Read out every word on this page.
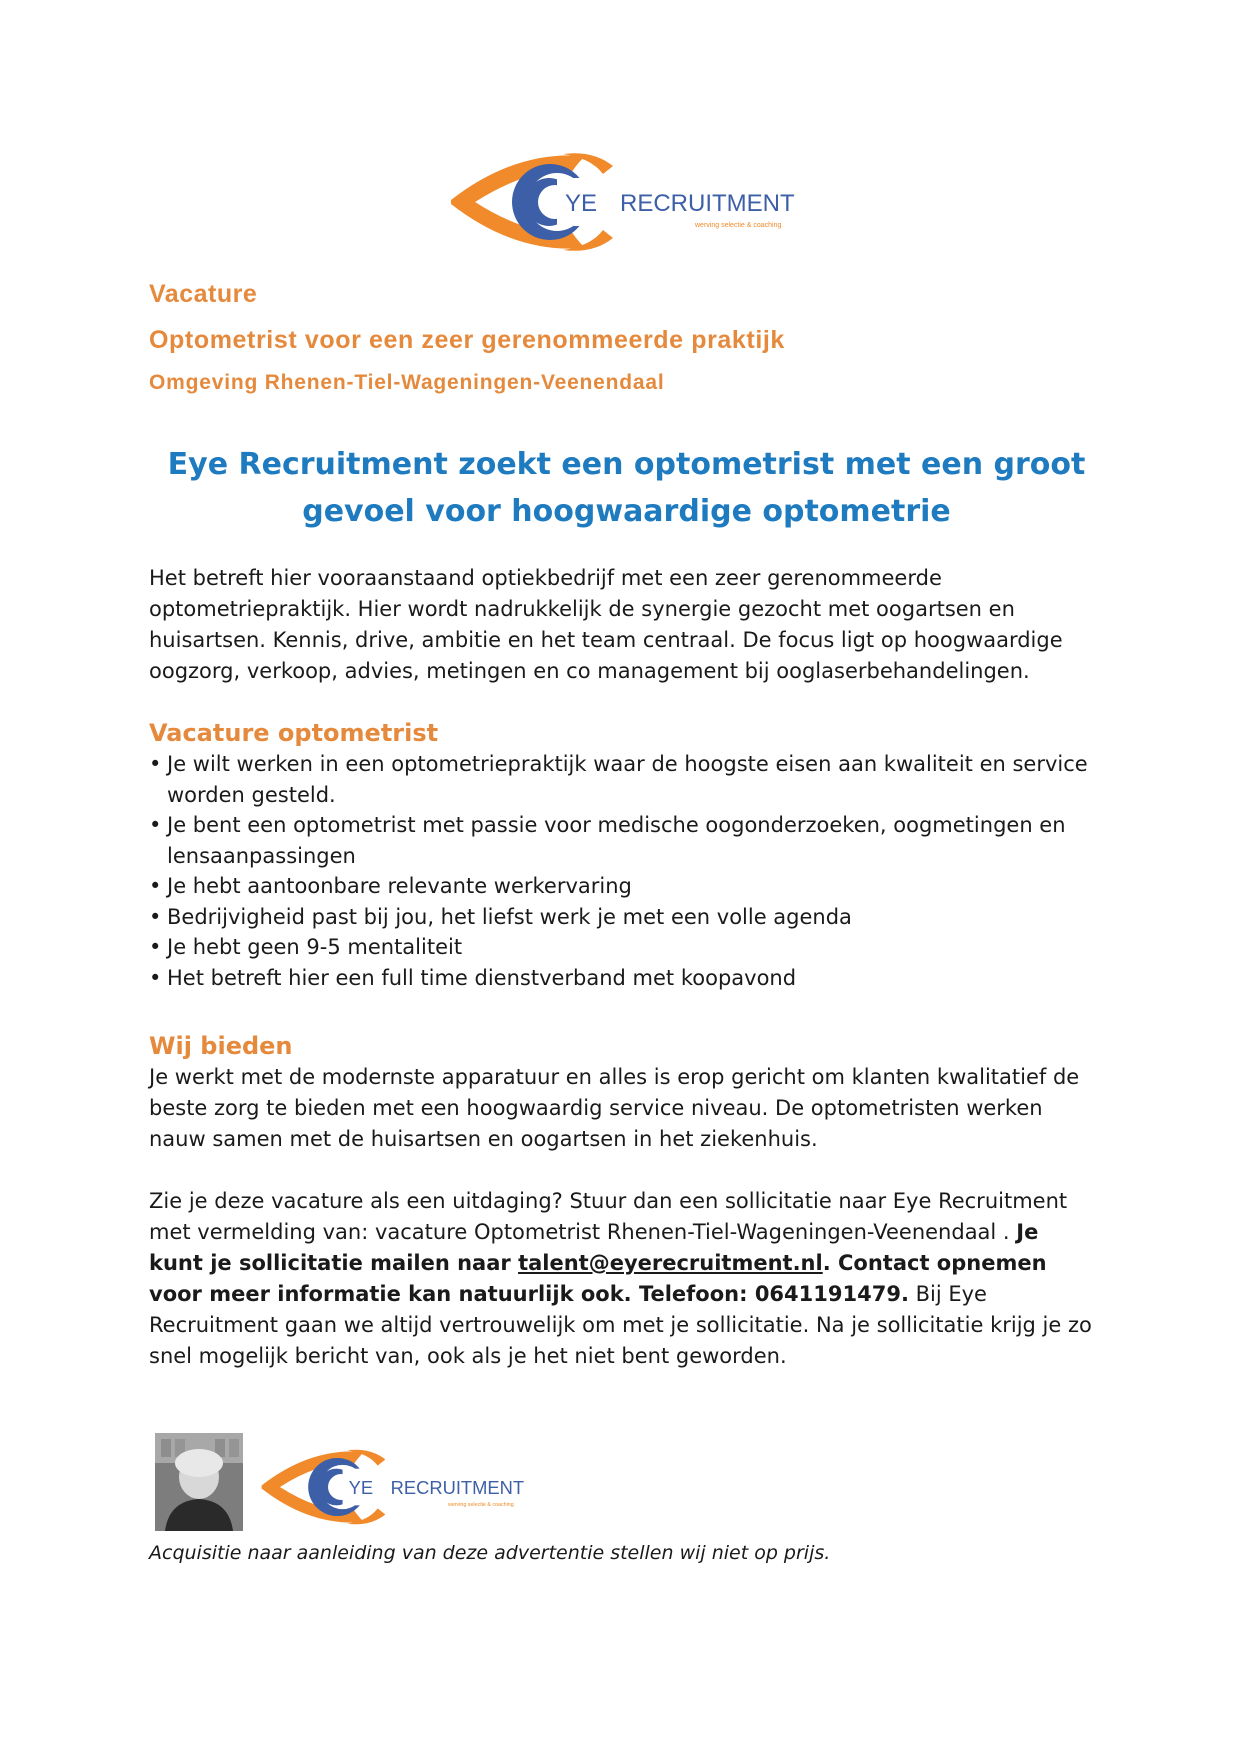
YE RECRUITMENT
werving selectie & coaching

Vacature

Optometrist voor een zeer gerenommeerde praktijk

Omgeving Rhenen-Tiel-Wageningen-Veenendaal

Eye Recruitment zoekt een optometrist met een groot
gevoel voor hoogwaardige optometrie

Het betreft hier vooraanstaand optiekbedrijf met een zeer gerenommeerde optometriepraktijk. Hier wordt nadrukkelijk de synergie gezocht met oogartsen en huisartsen. Kennis, drive, ambitie en het team centraal. De focus ligt op hoogwaardige oogzorg, verkoop, advies, metingen en co management bij ooglaserbehandelingen.

Vacature optometrist

• Je wilt werken in een optometriepraktijk waar de hoogste eisen aan kwaliteit en service worden gesteld.
• Je bent een optometrist met passie voor medische oogonderzoeken, oogmetingen en lensaanpassingen
• Je hebt aantoonbare relevante werkervaring
• Bedrijvigheid past bij jou, het liefst werk je met een volle agenda
• Je hebt geen 9-5 mentaliteit
• Het betreft hier een full time dienstverband met koopavond

Wij bieden

Je werkt met de modernste apparatuur en alles is erop gericht om klanten kwalitatief de beste zorg te bieden met een hoogwaardig service niveau. De optometristen werken nauw samen met de huisartsen en oogartsen in het ziekenhuis.

Zie je deze vacature als een uitdaging? Stuur dan een sollicitatie naar Eye Recruitment met vermelding van: vacature Optometrist Rhenen-Tiel-Wageningen-Veenendaal . Je kunt je sollicitatie mailen naar talent@eyerecruitment.nl. Contact opnemen voor meer informatie kan natuurlijk ook. Telefoon: 0641191479. Bij Eye Recruitment gaan we altijd vertrouwelijk om met je sollicitatie. Na je sollicitatie krijg je zo snel mogelijk bericht van, ook als je het niet bent geworden.

YE RECRUITMENT
werving selectie & coaching

Acquisitie naar aanleiding van deze advertentie stellen wij niet op prijs.
